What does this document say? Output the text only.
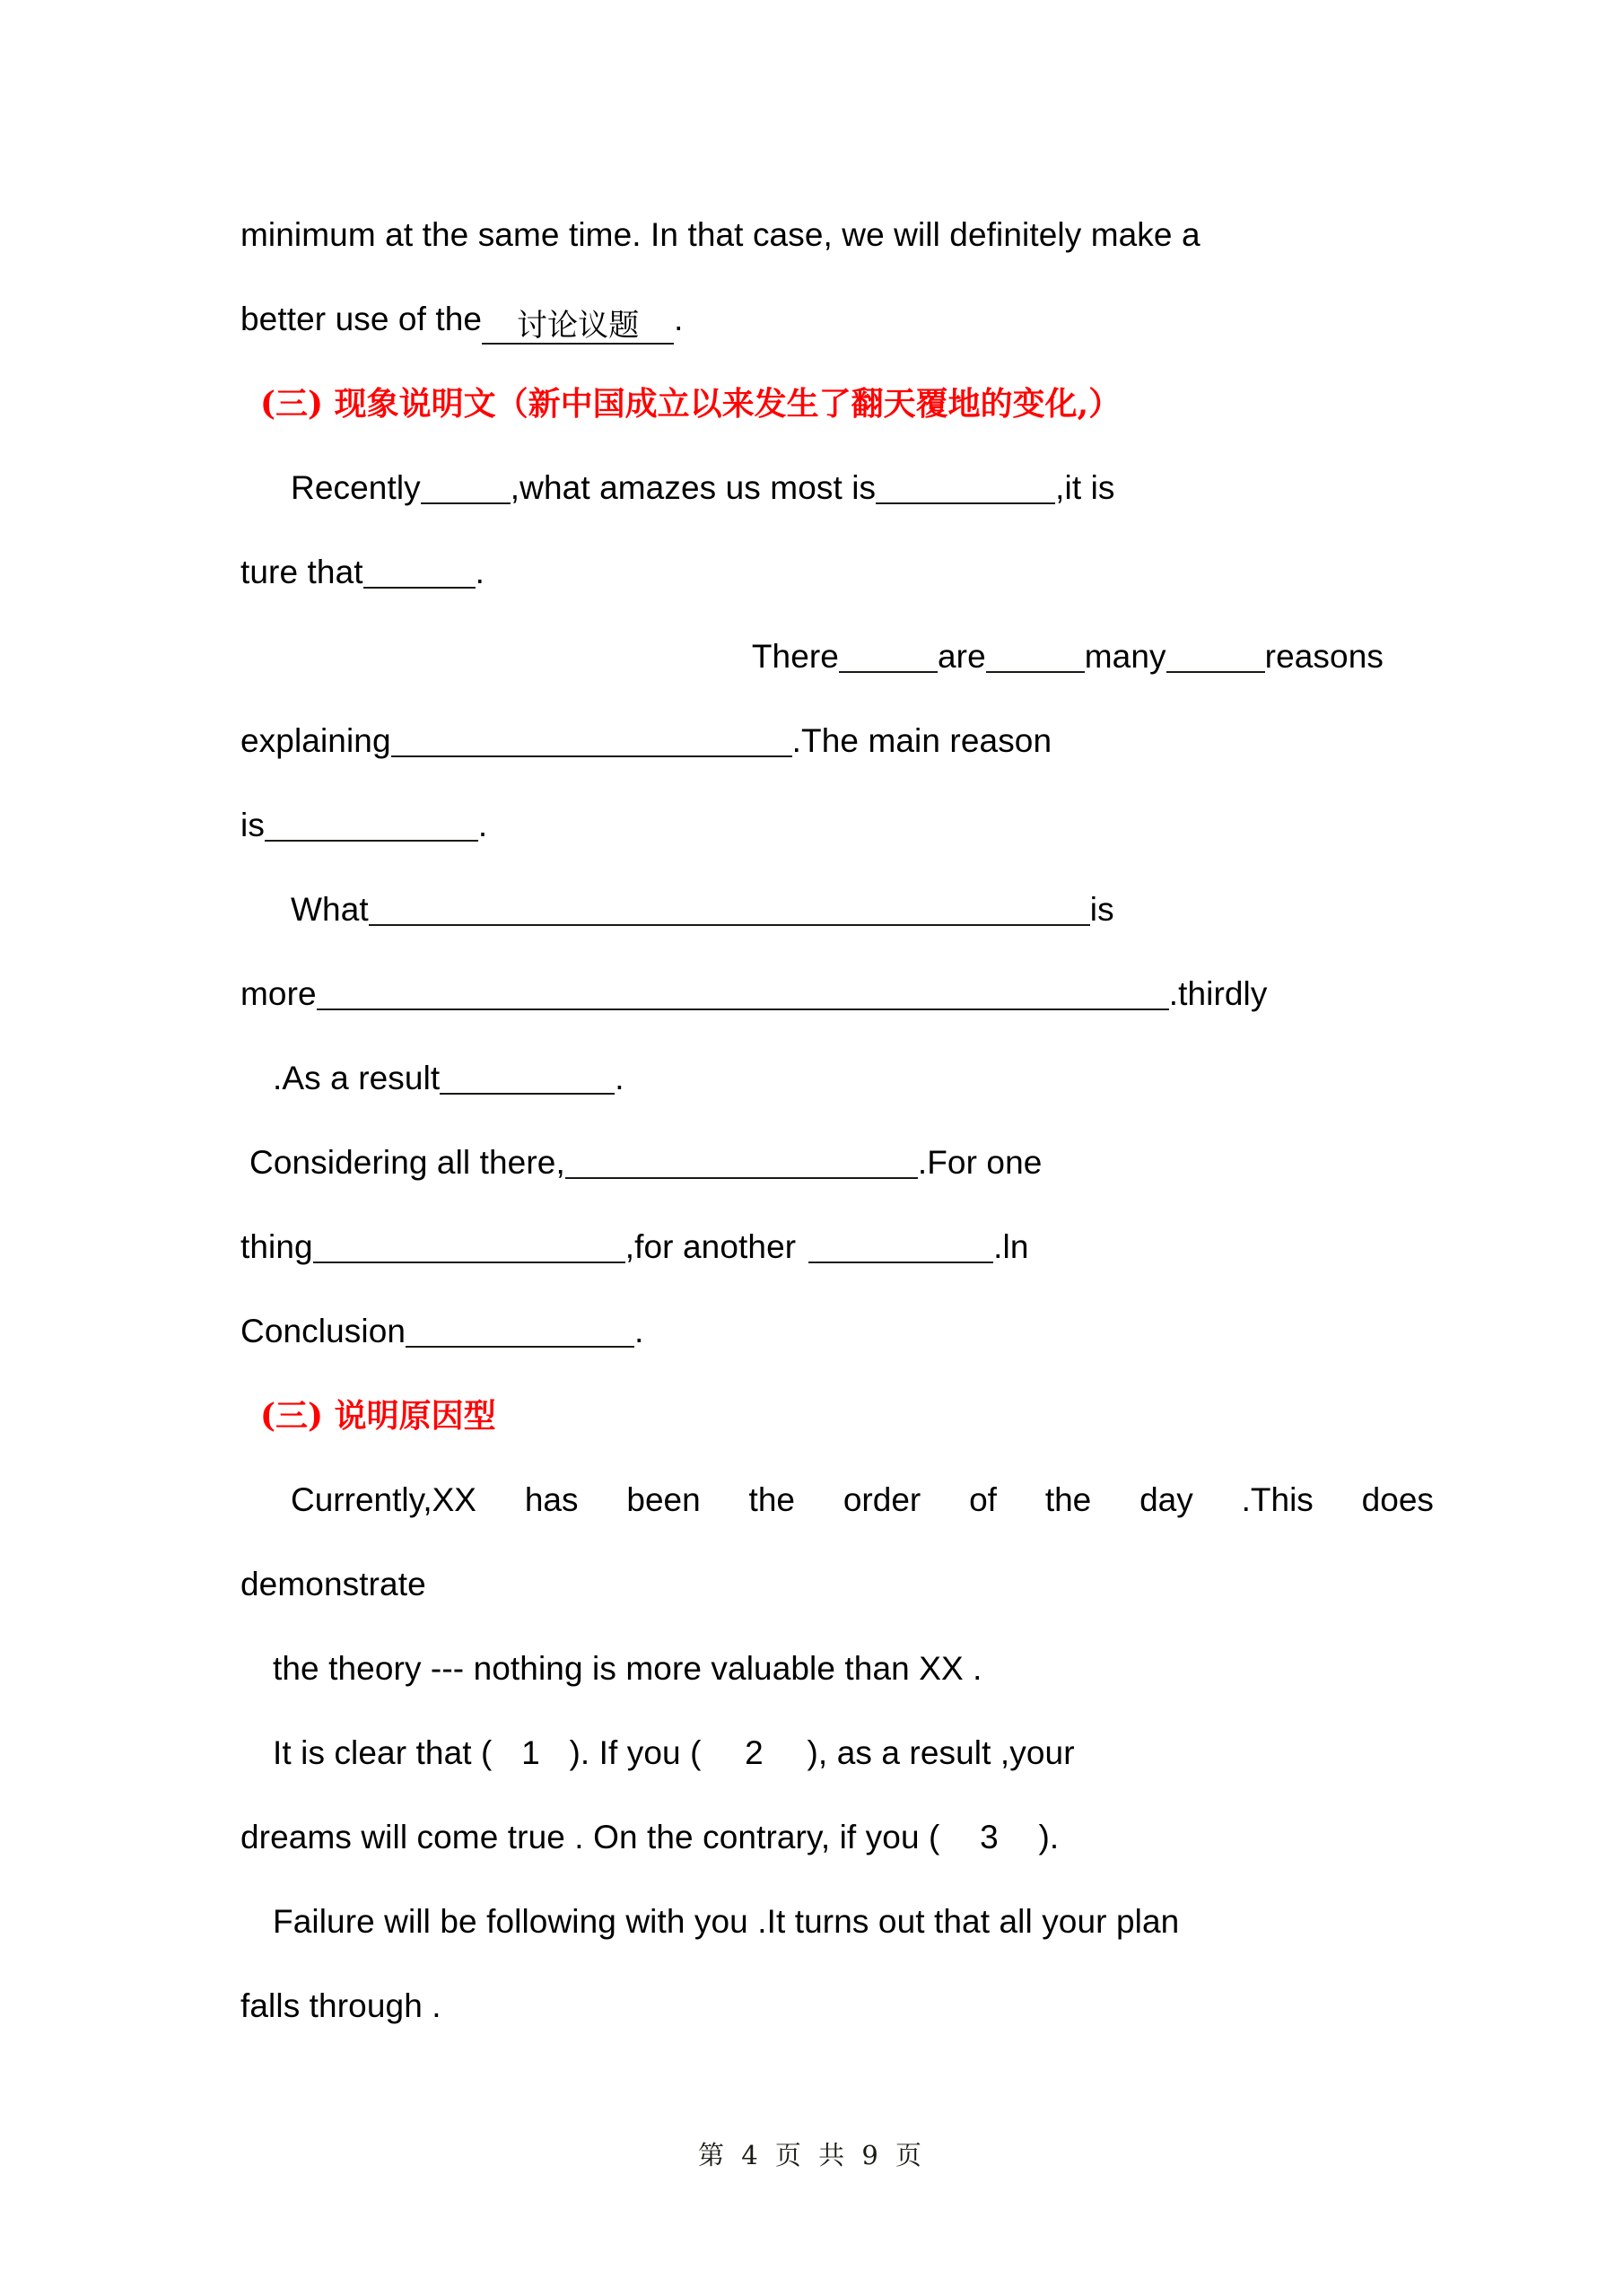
minimum at the same time. In that case, we will definitely make a
better use of the 讨论议题 .
(三) 现象说明文（新中国成立以来发生了翻天覆地的变化,）
Recently	,what amazes us most is	,it is
ture that	.
There	are	many	reasons
explaining	.The main reason
is	.
What	is
more	.thirdly
.As a result	.
Considering all there,	.For one
thing	,for another	.ln
Conclusion	.
(三) 说明原因型
Currently,XX has been the order of the day .This does
demonstrate
the theory --- nothing is more valuable than XX .
It is clear that ( 1 ). If you ( 2 ), as a result ,your
dreams will come true . On the contrary, if you ( 3 ).
Failure will be following with you .It turns out that all your plan
falls through .
第 4 页 共 9 页
